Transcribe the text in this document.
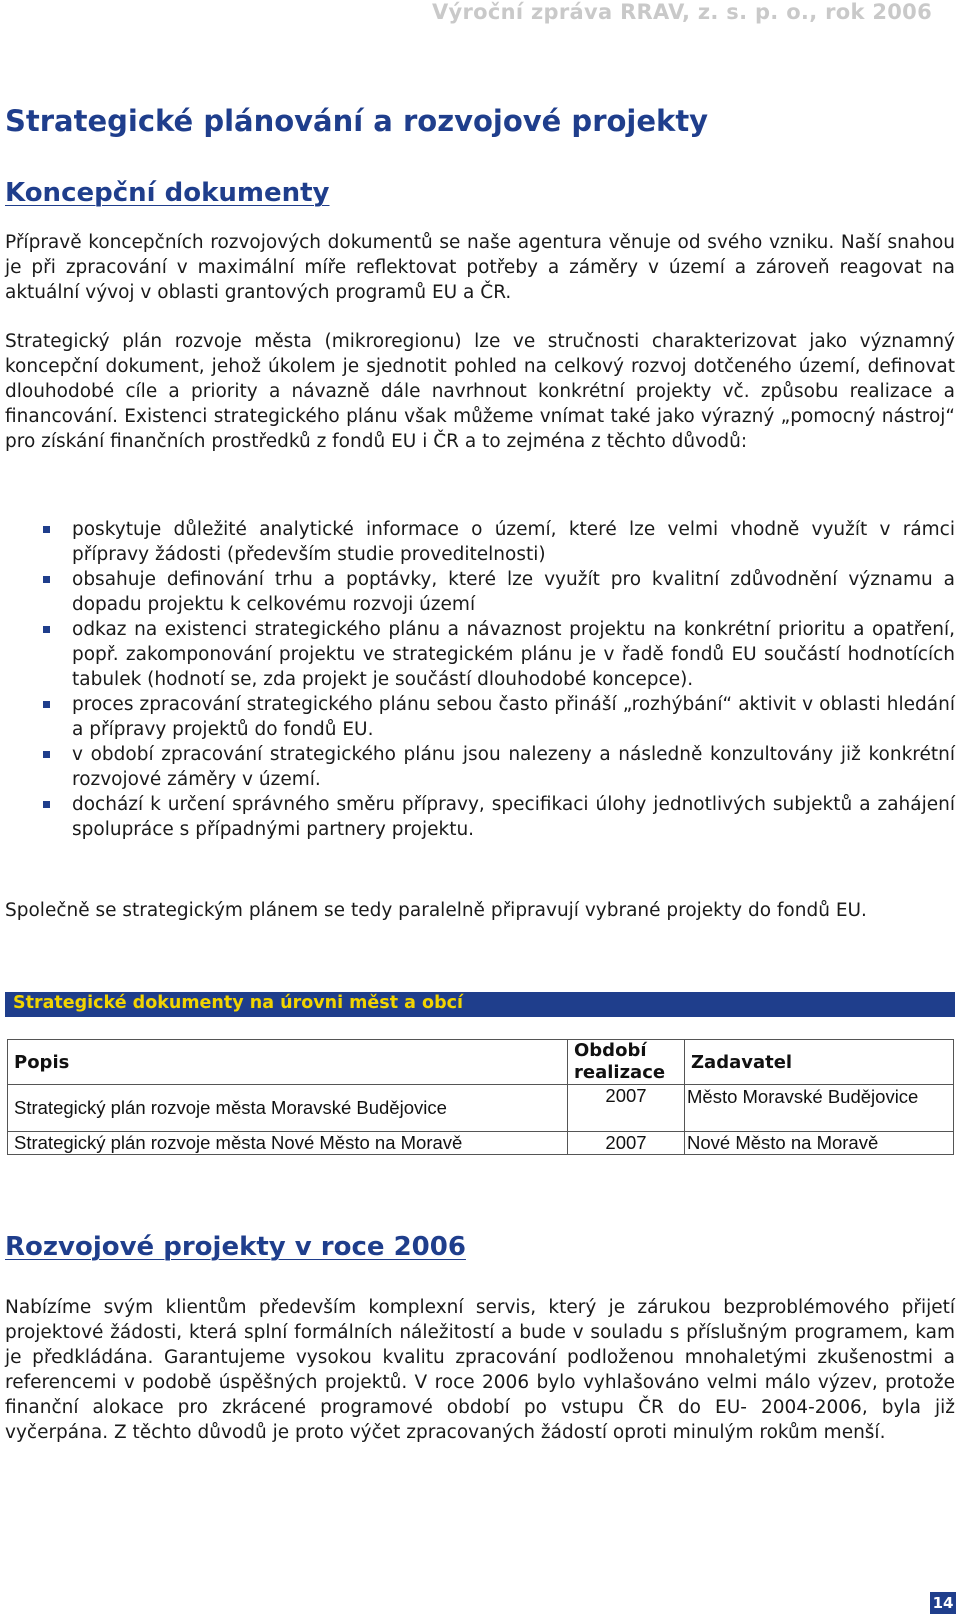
Výroční zpráva RRAV, z. s. p. o., rok 2006
Strategické plánování a rozvojové projekty
Koncepční dokumenty

Přípravě koncepčních rozvojových dokumentů se naše agentura věnuje od svého vzniku. Naší snahou je při zpracování v maximální míře reflektovat potřeby a záměry v území a zároveň reagovat na aktuální vývoj v oblasti grantových programů EU a ČR.

Strategický plán rozvoje města (mikroregionu) lze ve stručnosti charakterizovat jako významný koncepční dokument, jehož úkolem je sjednotit pohled na celkový rozvoj dotčeného území, definovat dlouhodobé cíle a priority a návazně dále navrhnout konkrétní projekty vč. způsobu realizace a financování. Existenci strategického plánu však můžeme vnímat také jako výrazný „pomocný nástroj“ pro získání finančních prostředků z fondů EU i ČR a to zejména z těchto důvodů:

poskytuje důležité analytické informace o území, které lze velmi vhodně využít v rámci přípravy žádosti (především studie proveditelnosti)
obsahuje definování trhu a poptávky, které lze využít pro kvalitní zdůvodnění významu a dopadu projektu k celkovému rozvoji území
odkaz na existenci strategického plánu a návaznost projektu na konkrétní prioritu a opatření, popř. zakomponování projektu ve strategickém plánu je v řadě fondů EU součástí hodnotících tabulek (hodnotí se, zda projekt je součástí dlouhodobé koncepce).
proces zpracování strategického plánu sebou často přináší „rozhýbání“ aktivit v oblasti hledání a přípravy projektů do fondů EU.
v období zpracování strategického plánu jsou nalezeny a následně konzultovány již konkrétní rozvojové záměry v území.
dochází k určení správného směru přípravy, specifikaci úlohy jednotlivých subjektů a zahájení spolupráce s případnými partnery projektu.

Společně se strategickým plánem se tedy paralelně připravují vybrané projekty do fondů EU.

Strategické dokumenty na úrovni měst a obcí
Popis	Období realizace	Zadavatel
Strategický plán rozvoje města Moravské Budějovice	2007	Město Moravské Budějovice
Strategický plán rozvoje města Nové Město na Moravě	2007	Nové Město na Moravě
Rozvojové projekty v roce 2006

Nabízíme svým klientům především komplexní servis, který je zárukou bezproblémového přijetí projektové žádosti, která splní formálních náležitostí a bude v souladu s příslušným programem, kam je předkládána. Garantujeme vysokou kvalitu zpracování podloženou mnohaletými zkušenostmi a referencemi v podobě úspěšných projektů. V roce 2006 bylo vyhlašováno velmi málo výzev, protože finanční alokace pro zkrácené programové období po vstupu ČR do EU- 2004-2006, byla již vyčerpána. Z těchto důvodů je proto výčet zpracovaných žádostí oproti minulým rokům menší.

14
